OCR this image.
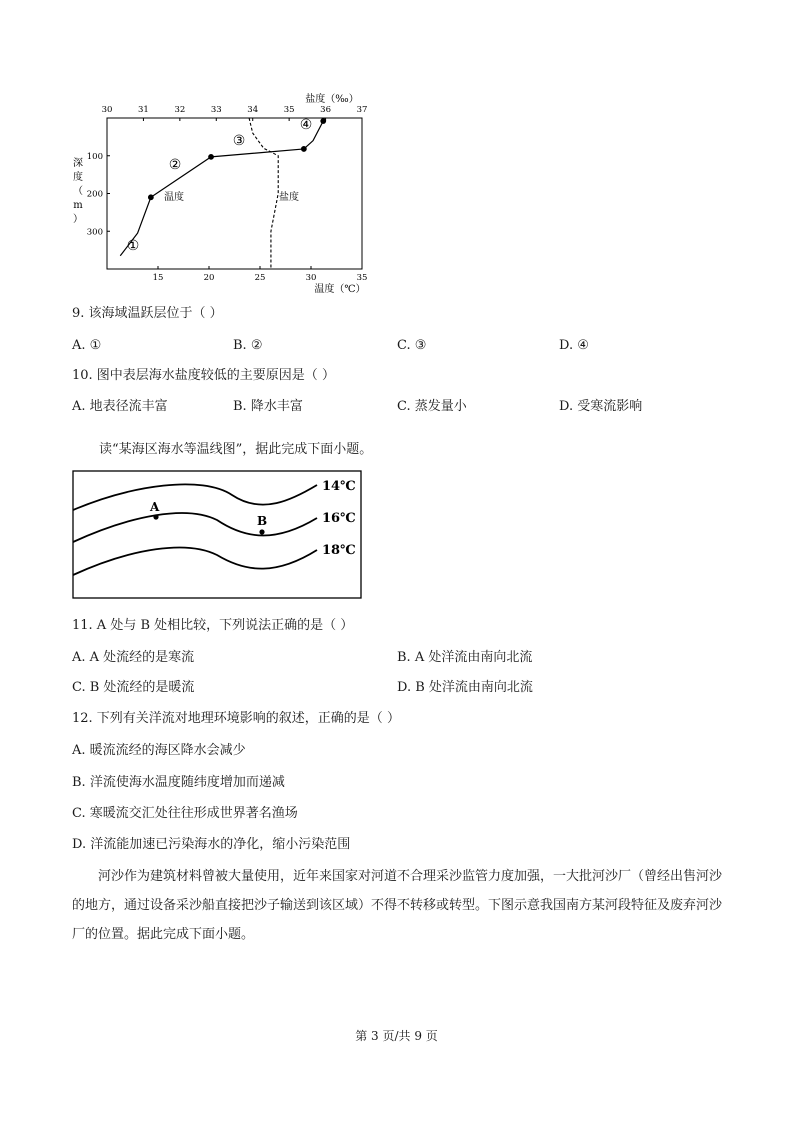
30	31	32	33	34	35	36	37
盐度（‰）
15	20	25	30	35
温度（℃）
100
200
300
深
度
（
m
）
温度	盐度
①
②
③
④
9. 该海域温跃层位于（ ）
A. ①	B. ②	C. ③	D. ④
10. 图中表层海水盐度较低的主要原因是（ ）
A. 地表径流丰富	B. 降水丰富	C. 蒸发量小	D. 受寒流影响
读“某海区海水等温线图”，据此完成下面小题。
14℃
16℃
18℃
A
B
11. A 处与 B 处相比较，下列说法正确的是（ ）
A. A 处流经的是寒流	B. A 处洋流由南向北流
C. B 处流经的是暖流	D. B 处洋流由南向北流
12. 下列有关洋流对地理环境影响的叙述，正确的是（ ）
A. 暖流流经的海区降水会减少
B. 洋流使海水温度随纬度增加而递减
C. 寒暖流交汇处往往形成世界著名渔场
D. 洋流能加速已污染海水的净化，缩小污染范围
河沙作为建筑材料曾被大量使用，近年来国家对河道不合理采沙监管力度加强，一大批河沙厂（曾经出售河沙的地方，通过设备采沙船直接把沙子输送到该区域）不得不转移或转型。下图示意我国南方某河段特征及废弃河沙厂的位置。据此完成下面小题。
第 3 页/共 9 页
